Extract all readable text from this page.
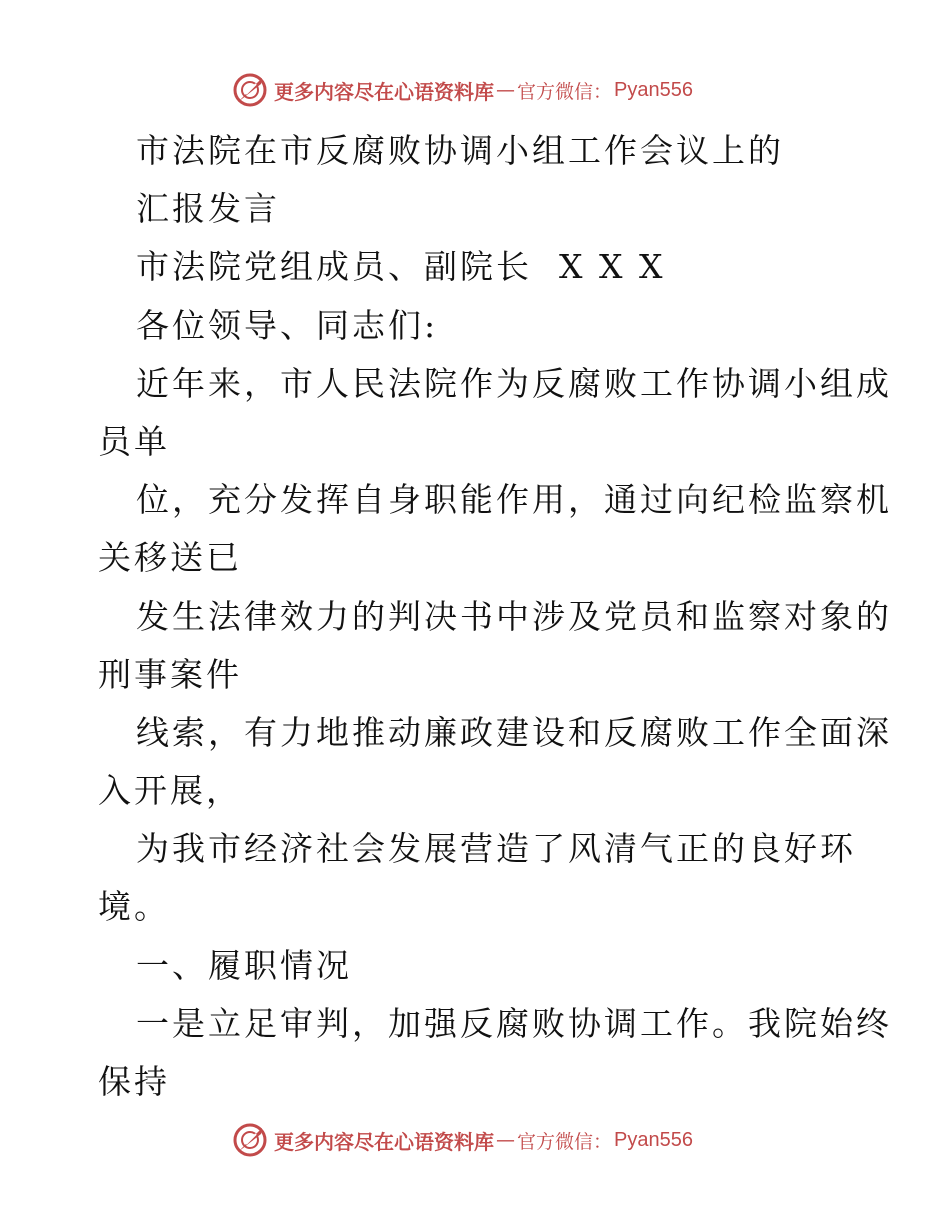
更多内容尽在心语资料库 — 官方微信： Pyan556
市法院在市反腐败协调小组工作会议上的
汇报发言
市法院党组成员、副院长  X X X
各位领导、同志们:
近年来，市人民法院作为反腐败工作协调小组成
员单
位，充分发挥自身职能作用，通过向纪检监察机
关移送已
发生法律效力的判决书中涉及党员和监察对象的
刑事案件
线索，有力地推动廉政建设和反腐败工作全面深
入开展，
为我市经济社会发展营造了风清气正的良好环
境。
一、履职情况
一是立足审判，加强反腐败协调工作。我院始终
保持
更多内容尽在心语资料库 — 官方微信： Pyan556
